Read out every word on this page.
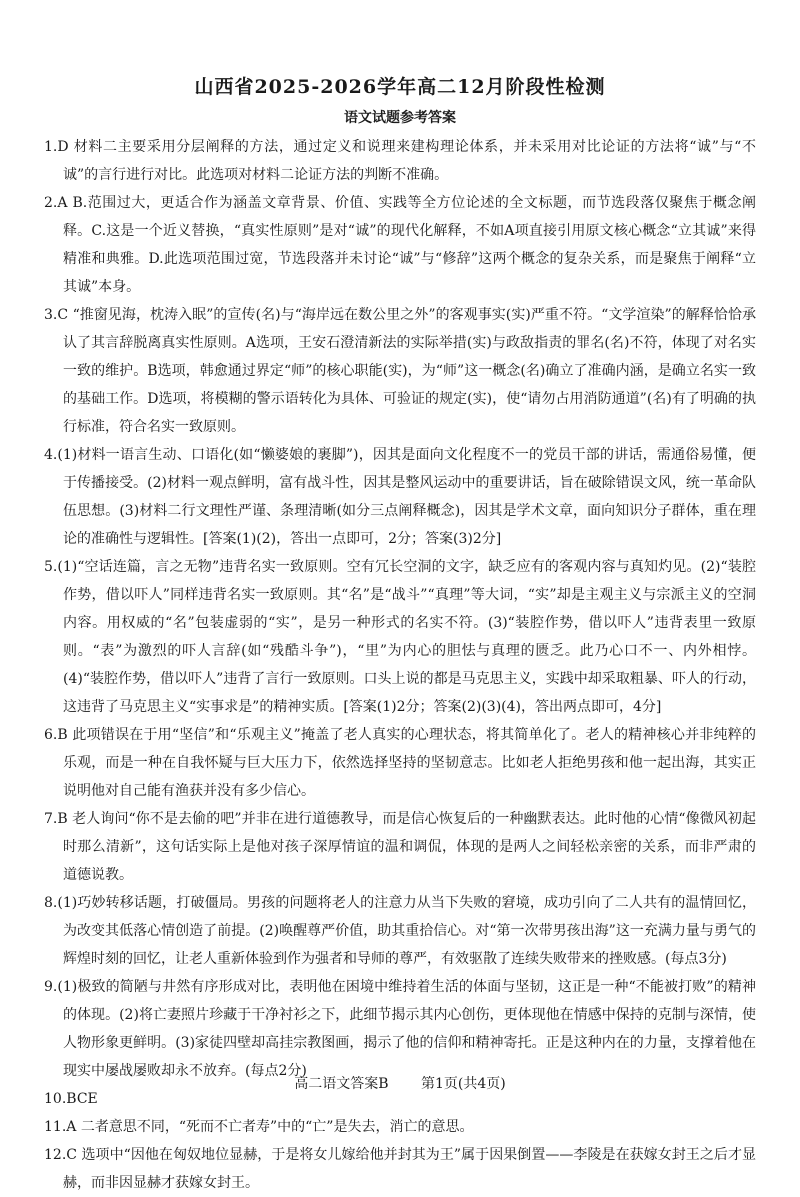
山西省2025-2026学年高二12月阶段性检测
语文试题参考答案

1.D 材料二主要采用分层阐释的方法，通过定义和说理来建构理论体系，并未采用对比论证的方法将“诚”与“不诚”的言行进行对比。此选项对材料二论证方法的判断不准确。

2.A B.范围过大，更适合作为涵盖文章背景、价值、实践等全方位论述的全文标题，而节选段落仅聚焦于概念阐释。C.这是一个近义替换，“真实性原则”是对“诚”的现代化解释，不如A项直接引用原文核心概念“立其诚”来得精准和典雅。D.此选项范围过宽，节选段落并未讨论“诚”与“修辞”这两个概念的复杂关系，而是聚焦于阐释“立其诚”本身。

3.C “推窗见海，枕涛入眠”的宣传(名)与“海岸远在数公里之外”的客观事实(实)严重不符。“文学渲染”的解释恰恰承认了其言辞脱离真实性原则。A选项，王安石澄清新法的实际举措(实)与政敌指责的罪名(名)不符，体现了对名实一致的维护。B选项，韩愈通过界定“师”的核心职能(实)，为“师”这一概念(名)确立了准确内涵，是确立名实一致的基础工作。D选项，将模糊的警示语转化为具体、可验证的规定(实)，使“请勿占用消防通道”(名)有了明确的执行标准，符合名实一致原则。

4.(1)材料一语言生动、口语化(如“懒婆娘的裹脚”)，因其是面向文化程度不一的党员干部的讲话，需通俗易懂，便于传播接受。(2)材料一观点鲜明，富有战斗性，因其是整风运动中的重要讲话，旨在破除错误文风，统一革命队伍思想。(3)材料二行文理性严谨、条理清晰(如分三点阐释概念)，因其是学术文章，面向知识分子群体，重在理论的准确性与逻辑性。[答案(1)(2)，答出一点即可，2分；答案(3)2分]

5.(1)“空话连篇，言之无物”违背名实一致原则。空有冗长空洞的文字，缺乏应有的客观内容与真知灼见。(2)“装腔作势，借以吓人”同样违背名实一致原则。其“名”是“战斗”“真理”等大词，“实”却是主观主义与宗派主义的空洞内容。用权威的“名”包装虚弱的“实”，是另一种形式的名实不符。(3)“装腔作势，借以吓人”违背表里一致原则。“表”为激烈的吓人言辞(如“残酷斗争”)，“里”为内心的胆怯与真理的匮乏。此乃心口不一、内外相悖。(4)“装腔作势，借以吓人”违背了言行一致原则。口头上说的都是马克思主义，实践中却采取粗暴、吓人的行动，这违背了马克思主义“实事求是”的精神实质。[答案(1)2分；答案(2)(3)(4)，答出两点即可，4分]

6.B 此项错误在于用“坚信”和“乐观主义”掩盖了老人真实的心理状态，将其简单化了。老人的精神核心并非纯粹的乐观，而是一种在自我怀疑与巨大压力下，依然选择坚持的坚韧意志。比如老人拒绝男孩和他一起出海，其实正说明他对自己能有渔获并没有多少信心。

7.B 老人询问“你不是去偷的吧”并非在进行道德教导，而是信心恢复后的一种幽默表达。此时他的心情“像微风初起时那么清新”，这句话实际上是他对孩子深厚情谊的温和调侃，体现的是两人之间轻松亲密的关系，而非严肃的道德说教。

8.(1)巧妙转移话题，打破僵局。男孩的问题将老人的注意力从当下失败的窘境，成功引向了二人共有的温情回忆，为改变其低落心情创造了前提。(2)唤醒尊严价值，助其重拾信心。对“第一次带男孩出海”这一充满力量与勇气的辉煌时刻的回忆，让老人重新体验到作为强者和导师的尊严，有效驱散了连续失败带来的挫败感。(每点3分)

9.(1)极致的简陋与井然有序形成对比，表明他在困境中维持着生活的体面与坚韧，这正是一种“不能被打败”的精神的体现。(2)将亡妻照片珍藏于干净衬衫之下，此细节揭示其内心创伤，更体现他在情感中保持的克制与深情，使人物形象更鲜明。(3)家徒四壁却高挂宗教图画，揭示了他的信仰和精神寄托。正是这种内在的力量，支撑着他在现实中屡战屡败却永不放弃。(每点2分)

10.BCE

11.A 二者意思不同，“死而不亡者寿”中的“亡”是失去，消亡的意思。

12.C 选项中“因他在匈奴地位显赫，于是将女儿嫁给他并封其为王”属于因果倒置——李陵是在获嫁女封王之后才显赫，而非因显赫才获嫁女封王。

高二语文答案B 第1页(共4页)
